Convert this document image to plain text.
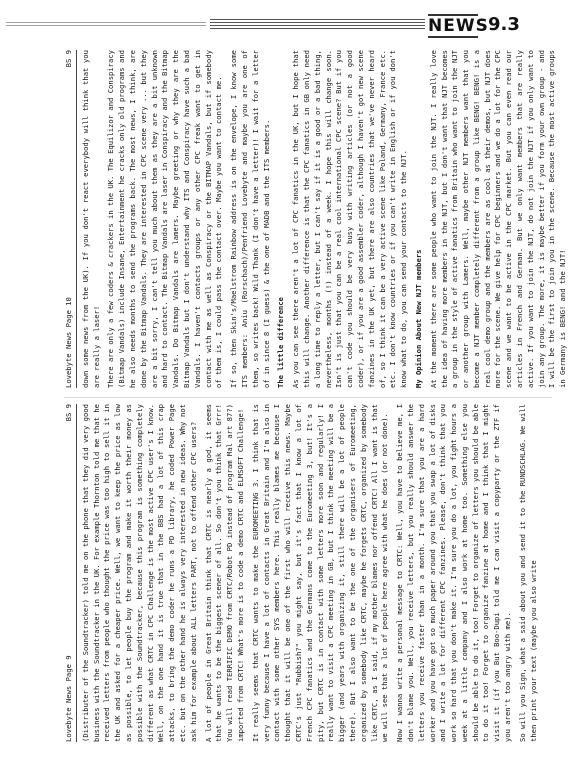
NEWS 9.3
Lovebyte News Page 9
BS 9 (Distributer of the Soundtracker) told me on the phone that they did very good business with the Soundtracker in the UK. For example Thornton told me that he received letters from people who thought the price was too high to sell it in the UK and asked for a cheaper price. Well, we want to keep the price as low as possible, to let people buy the program and make it worth their money as possible with the Soundtracker, because this program is something completely different as what CRTC in CPC Challenge is the most active CPC user's I know. Well, on the one hand it is true that in the BBS had a lot of this crap attacks, to bring the demo coder he runs a PD library, he coded Power Page etc. but on the other hand he is always very interested in new ideas. Why not ask him for example about ALL letters PART, not to offend other CPC users? A lot of people in Great Britain think that CRTC is nearly a god, it seems that he wants to be the biggest scener of all. So don't you think that Grrr! You will read TERRIFIC DEMO from CRTC/Robot PD instead of program Mal art 87?) imported from CRTC! What's more is to code a demo CRTC and ELMSOFT Challenge! It really seems that CRTC wants to make the EUROMEETING 3. I think that is very funny because I have a lot of contacts in Great Britain and I'm also in contact with some other SYS members here. This really blames me because I thought that it will be one of the first who will receive this news. Maybe CRTC's just "Rubbish?" you might say, but it's fact that I know a lot of French CPC fanatics and the Germans come to the Euromeeting 3, but! It's a pity, but CRTC is in contact with some letters more soon and regularly! I really want to visit a CPC meeting in GB, but I think the meeting will be a bigger (and years with organizing it, still there will be a lot of people there). But I also want to be the one of the organisers of Euromeeting, organized by somebody like CRTC, maybe he forgets CRTC, organized by somebody like CRTC, as I said, if my mother blames nor offend CRTC! All I want is that we will see that a lot of people here agree with what he does (or not done). Now I wanna write a personal message to CRTC: Well, you have to believe me, I don't blame you. Well, you receive letters, but you really should answer the letters you receive faster than in a month. I'm sure that you are a hard worker and you have got so much paper around you that you swap a lot of disks and I write a lot for different CPC fanzines. Please, don't think that you work so hard that you don't make it. I'm sure you do a lot, you fight hours a week at a little company and I also work at home too. Something else you should be able to do it, too! Forget to organize of letters you should be able to do it too! Forget to organize fanzine at home and I think that I might visit it (if you But Boo-Dupi told me I can visit a copyparty or the ZTF if you aren't too angry with me). So will you Sign, what a said about you and send it to the RUNDSCHLAG. We will then print your text (maybe you also write

Lovebyte News Page 10
BS 9 down some news from the UK). If you don't react everybody will think that you are really a laser! There are only a few coders & crackers in the UK. The Equilizor and Conspiracy (Bitmap Vandals) include Insane, Entertainment he cracks only old programs and he also needs months to send the programs back. The most news, I think, are done by the Bitmap Vandals. They are interested in CPC scene very ... but they are a bit sorry, I can't tell you much about them as they are a bit unknown and hard to contact. The Bitmap Vandals are laser in Conspiracy and the Bitmap Vandals. Do Bitmap Vandals are lamers. Maybe greeting or why they are the Bitmap Vandals but I don't understand why ITS and Conspiracy have such a bad Vandals. I haven't contacts groups or any other CPC freak want to get in contact with me as well as Conspiracy or the BITMAP Vandals, but if somebody of them is, I could pass the contact over. Maybe you want to contact me. If so, then Skin's/Maelstrom Rainbow address is on the envelope, I know some ITS members: Aniu (Rorschach)/Penfriend Lovebyte and maybe you are one of them, so writes back! Wild Thank (I don't have a letter)! I wait for a letter of in since 8 (I guess) & the one of MADB and the ITS members. The little difference As you can see there aren't a lot of CPC fanatics in the UK, but I hope that this will change. Another difference is that the CPC fanatics in GB only need a long time to reply a letter, but I can't say if it is a good or a bad thing, nevertheless, months (!) instead of a week. I hope this will change soon. Isn't is just that you can be a real cool international CPC scene? But if you can't code you should be very busy with writing articles (or not a good coder), or if you are a good assembler coder, although I haven't got new scene fanzines in the UK yet, but there are also countries that we've never heard of, so I think it can be a very active scene like Poland, Germany, France etc. etc. I don't know countries or if you can't write in English or if you don't know what to do, you can send your contacts to the NJT. My Opinion About New NJT members At the moment there are some people who want to join the NJT. I really love the idea of having more members in the NJT, but I don't want that NJT becomes a group in the style of active fanatics from Britain who want to join the NJT or another group with Lamers. Well, maybe other NJT members want that you become a NJT member completely different from a group like BENG! BENG! is a real cool demo group and the members are as cool as their demos, but NJT does more for the scene. We give help for CPC beginners and we do a lot for the CPC scene and we want to be active in the CPC market. But you can even read our articles in French and German. But we only want members that are really active. If you want to join the NJT, do not join the NJT if you only want to join any group. The more, it is maybe better if you form your own group - and I will be the first to join you in the scene. Because the most active groups in Germany is BENG! and the NJT!
